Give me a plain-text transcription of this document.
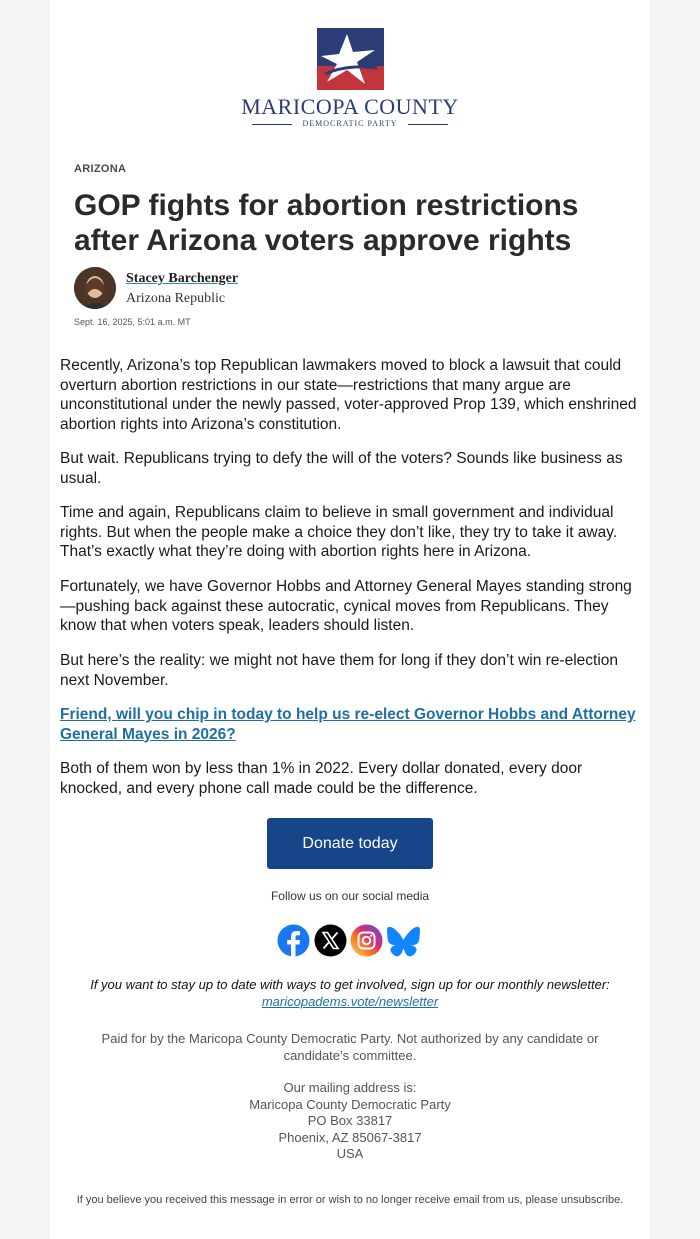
MARICOPA COUNTY
DEMOCRATIC PARTY
ARIZONA
GOP fights for abortion restrictions after Arizona voters approve rights
Stacey Barchenger
Arizona Republic
Sept. 16, 2025, 5:01 a.m. MT

Recently, Arizona’s top Republican lawmakers moved to block a lawsuit that could overturn abortion restrictions in our state—restrictions that many argue are unconstitutional under the newly passed, voter-approved Prop 139, which enshrined abortion rights into Arizona’s constitution.

But wait. Republicans trying to defy the will of the voters? Sounds like business as usual.

Time and again, Republicans claim to believe in small government and individual rights. But when the people make a choice they don’t like, they try to take it away. That’s exactly what they’re doing with abortion rights here in Arizona.

Fortunately, we have Governor Hobbs and Attorney General Mayes standing strong—pushing back against these autocratic, cynical moves from Republicans. They know that when voters speak, leaders should listen.

But here’s the reality: we might not have them for long if they don’t win re-election next November.

Friend, will you chip in today to help us re-elect Governor Hobbs and Attorney General Mayes in 2026?

Both of them won by less than 1% in 2022. Every dollar donated, every door knocked, and every phone call made could be the difference.

Donate today
Follow us on our social media
If you want to stay up to date with ways to get involved, sign up for our monthly newsletter: maricopadems.vote/newsletter
Paid for by the Maricopa County Democratic Party. Not authorized by any candidate or candidate’s committee.
Our mailing address is:
Maricopa County Democratic Party
PO Box 33817
Phoenix, AZ 85067-3817
USA
If you believe you received this message in error or wish to no longer receive email from us, please unsubscribe.
